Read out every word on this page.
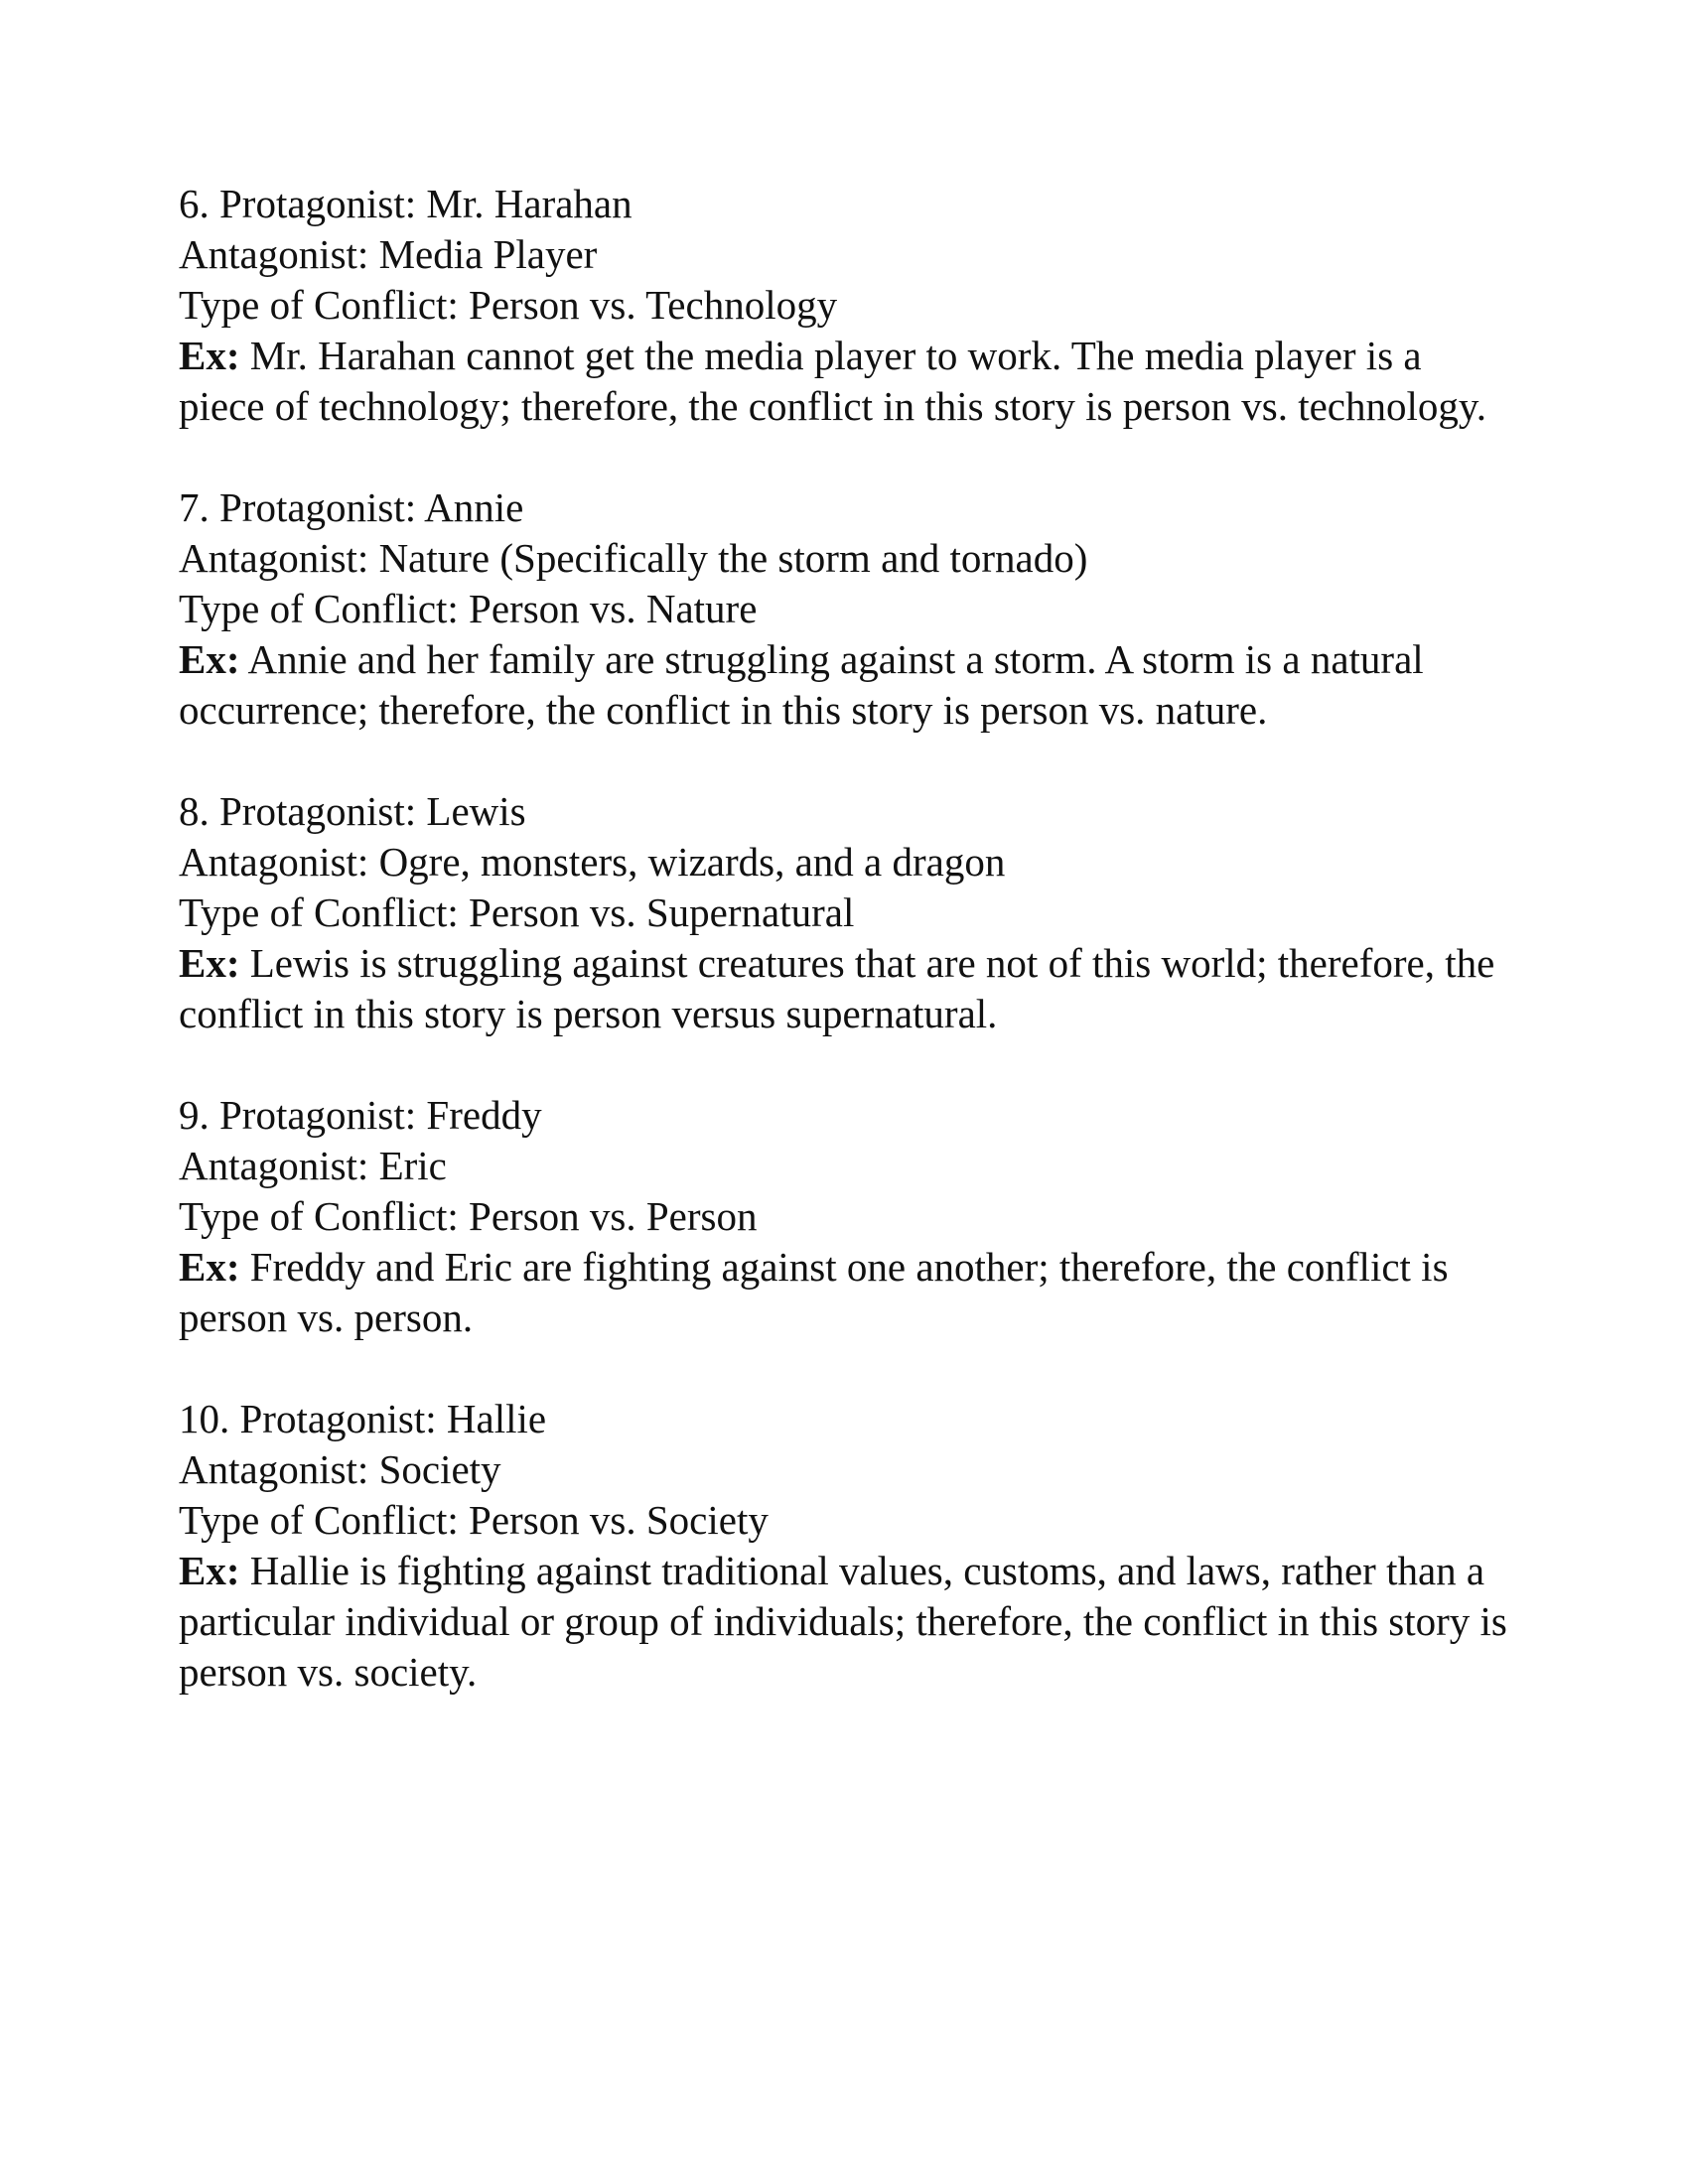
6. Protagonist: Mr. Harahan
Antagonist: Media Player
Type of Conflict: Person vs. Technology
Ex: Mr. Harahan cannot get the media player to work. The media player is a piece of technology; therefore, the conflict in this story is person vs. technology.
7. Protagonist: Annie
Antagonist: Nature (Specifically the storm and tornado)
Type of Conflict: Person vs. Nature
Ex: Annie and her family are struggling against a storm. A storm is a natural occurrence; therefore, the conflict in this story is person vs. nature.
8. Protagonist: Lewis
Antagonist: Ogre, monsters, wizards, and a dragon
Type of Conflict: Person vs. Supernatural
Ex: Lewis is struggling against creatures that are not of this world; therefore, the conflict in this story is person versus supernatural.
9. Protagonist: Freddy
Antagonist: Eric
Type of Conflict: Person vs. Person
Ex: Freddy and Eric are fighting against one another; therefore, the conflict is person vs. person.
10. Protagonist: Hallie
Antagonist: Society
Type of Conflict: Person vs. Society
Ex: Hallie is fighting against traditional values, customs, and laws, rather than a particular individual or group of individuals; therefore, the conflict in this story is person vs. society.
